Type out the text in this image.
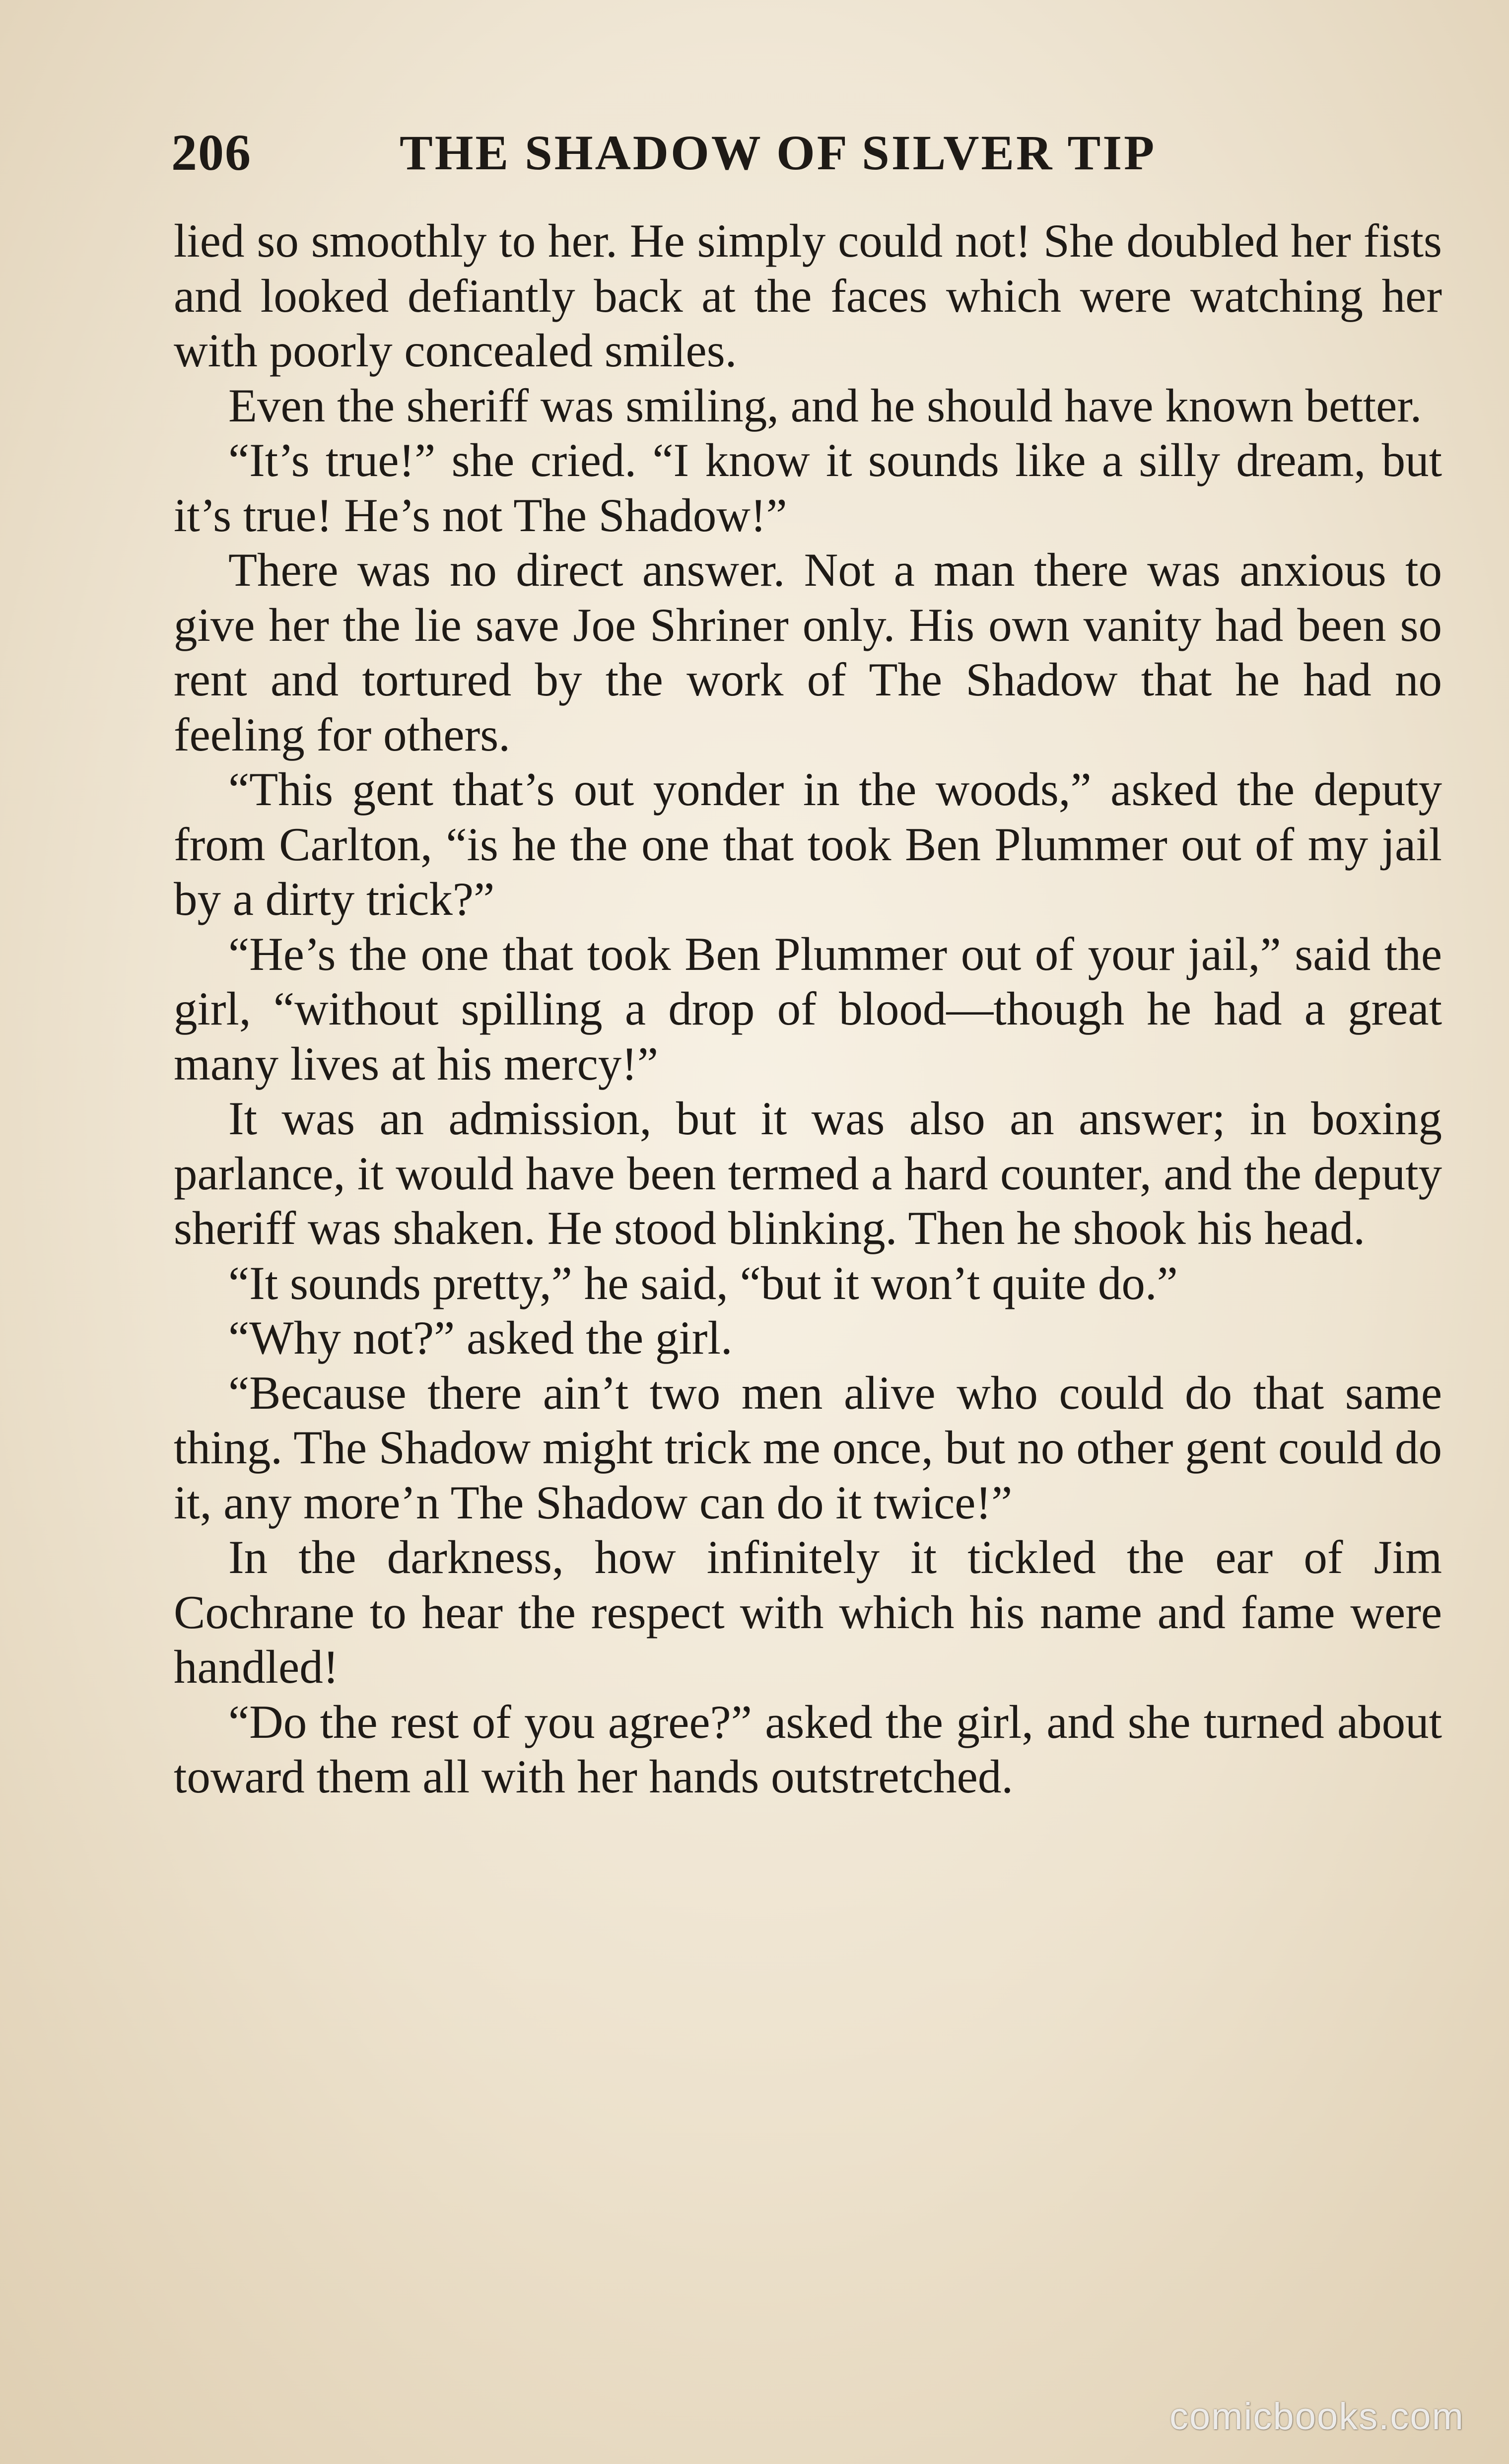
206	THE SHADOW OF SILVER TIP

lied so smoothly to her. He simply could not! She doubled her fists and looked defiantly back at the faces which were watching her with poorly concealed smiles.

Even the sheriff was smiling, and he should have known better.

“It’s true!” she cried. “I know it sounds like a silly dream, but it’s true! He’s not The Shadow!”

There was no direct answer. Not a man there was anxious to give her the lie save Joe Shriner only. His own vanity had been so rent and tortured by the work of The Shadow that he had no feeling for others.

“This gent that’s out yonder in the woods,” asked the deputy from Carlton, “is he the one that took Ben Plummer out of my jail by a dirty trick?”

“He’s the one that took Ben Plummer out of your jail,” said the girl, “without spilling a drop of blood—though he had a great many lives at his mercy!”

It was an admission, but it was also an answer; in boxing parlance, it would have been termed a hard counter, and the deputy sheriff was shaken. He stood blinking. Then he shook his head.

“It sounds pretty,” he said, “but it won’t quite do.”

“Why not?” asked the girl.

“Because there ain’t two men alive who could do that same thing. The Shadow might trick me once, but no other gent could do it, any more’n The Shadow can do it twice!”

In the darkness, how infinitely it tickled the ear of Jim Cochrane to hear the respect with which his name and fame were handled!

“Do the rest of you agree?” asked the girl, and she turned about toward them all with her hands outstretched.

comicbooks.com
